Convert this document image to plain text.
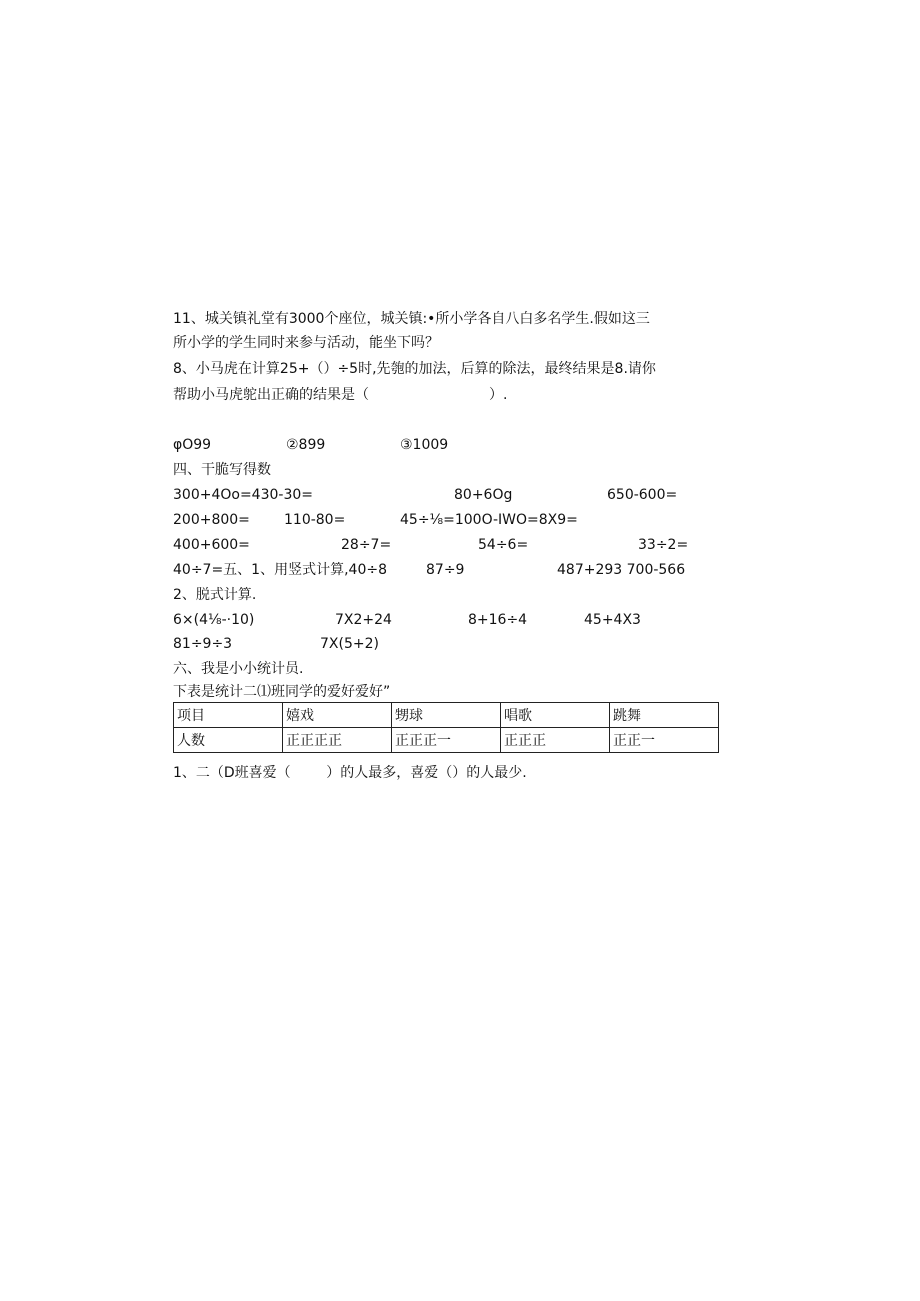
11、城关镇礼堂有3000个座位，城关镇:•所小学各自八白多名学生.假如这三
所小学的学生同时来参与活动，能坐下吗？
8、小马虎在计算25+（）÷5时,先匏的加法，后算的除法，最终结果是8.请你
帮助小马虎鸵出正确的结果是（	）.
φO99	②899	③1009
四、干脆写得数
300+4Oo=430-30=	80+6Og	650-600=
200+800= 110-80=	45÷⅛=100O-IWO=8X9=
400+600=	28÷7=	54÷6=	33÷2=
40÷7=五、1、用竖式计算,40÷8	87÷9	487+293 700-566
2、脱式计算.
6×(4⅛-·10)	7X2+24	8+16÷4	45+4X3
81÷9÷3	7X(5+2)
六、我是小小统计员.
下表是统计二⑴班同学的爱好爱好”
项目	嬉戏	甥球	唱歌	跳舞
人数	正正正正	正正正一	正正正	正正一
1、二（D班喜爱（        ）的人最多，喜爱（）的人最少.
